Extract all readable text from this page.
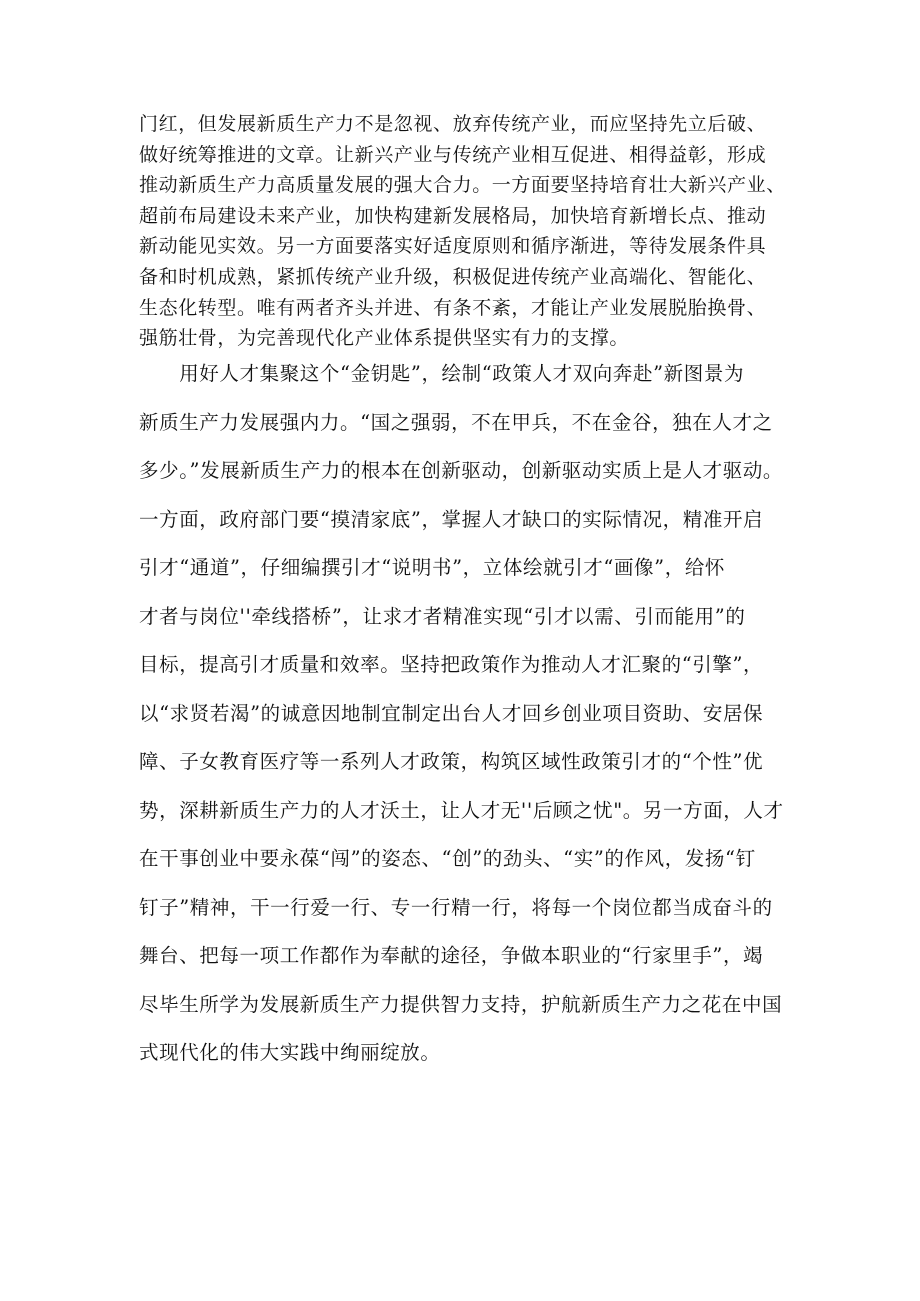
门红，但发展新质生产力不是忽视、放弃传统产业，而应坚持先立后破、
做好统筹推进的文章。让新兴产业与传统产业相互促进、相得益彰，形成
推动新质生产力高质量发展的强大合力。一方面要坚持培育壮大新兴产业、
超前布局建设未来产业，加快构建新发展格局，加快培育新增长点、推动
新动能见实效。另一方面要落实好适度原则和循序渐进，等待发展条件具
备和时机成熟，紧抓传统产业升级，积极促进传统产业高端化、智能化、
生态化转型。唯有两者齐头并进、有条不紊，才能让产业发展脱胎换骨、
强筋壮骨，为完善现代化产业体系提供坚实有力的支撑。
　　用好人才集聚这个“金钥匙”，绘制“政策人才双向奔赴”新图景为
新质生产力发展强内力。“国之强弱，不在甲兵，不在金谷，独在人才之
多少。”发展新质生产力的根本在创新驱动，创新驱动实质上是人才驱动。
一方面，政府部门要“摸清家底”，掌握人才缺口的实际情况，精准开启
引才“通道”，仔细编撰引才“说明书”，立体绘就引才“画像”，给怀
才者与岗位''牵线搭桥”，让求才者精准实现“引才以需、引而能用”的
目标，提高引才质量和效率。坚持把政策作为推动人才汇聚的“引擎”，
以“求贤若渴”的诚意因地制宜制定出台人才回乡创业项目资助、安居保
障、子女教育医疗等一系列人才政策，构筑区域性政策引才的“个性”优
势，深耕新质生产力的人才沃土，让人才无''后顾之忧"。另一方面，人才
在干事创业中要永葆“闯”的姿态、“创”的劲头、“实”的作风，发扬“钉
钉子”精神，干一行爱一行、专一行精一行，将每一个岗位都当成奋斗的
舞台、把每一项工作都作为奉献的途径，争做本职业的“行家里手”，竭
尽毕生所学为发展新质生产力提供智力支持，护航新质生产力之花在中国
式现代化的伟大实践中绚丽绽放。
